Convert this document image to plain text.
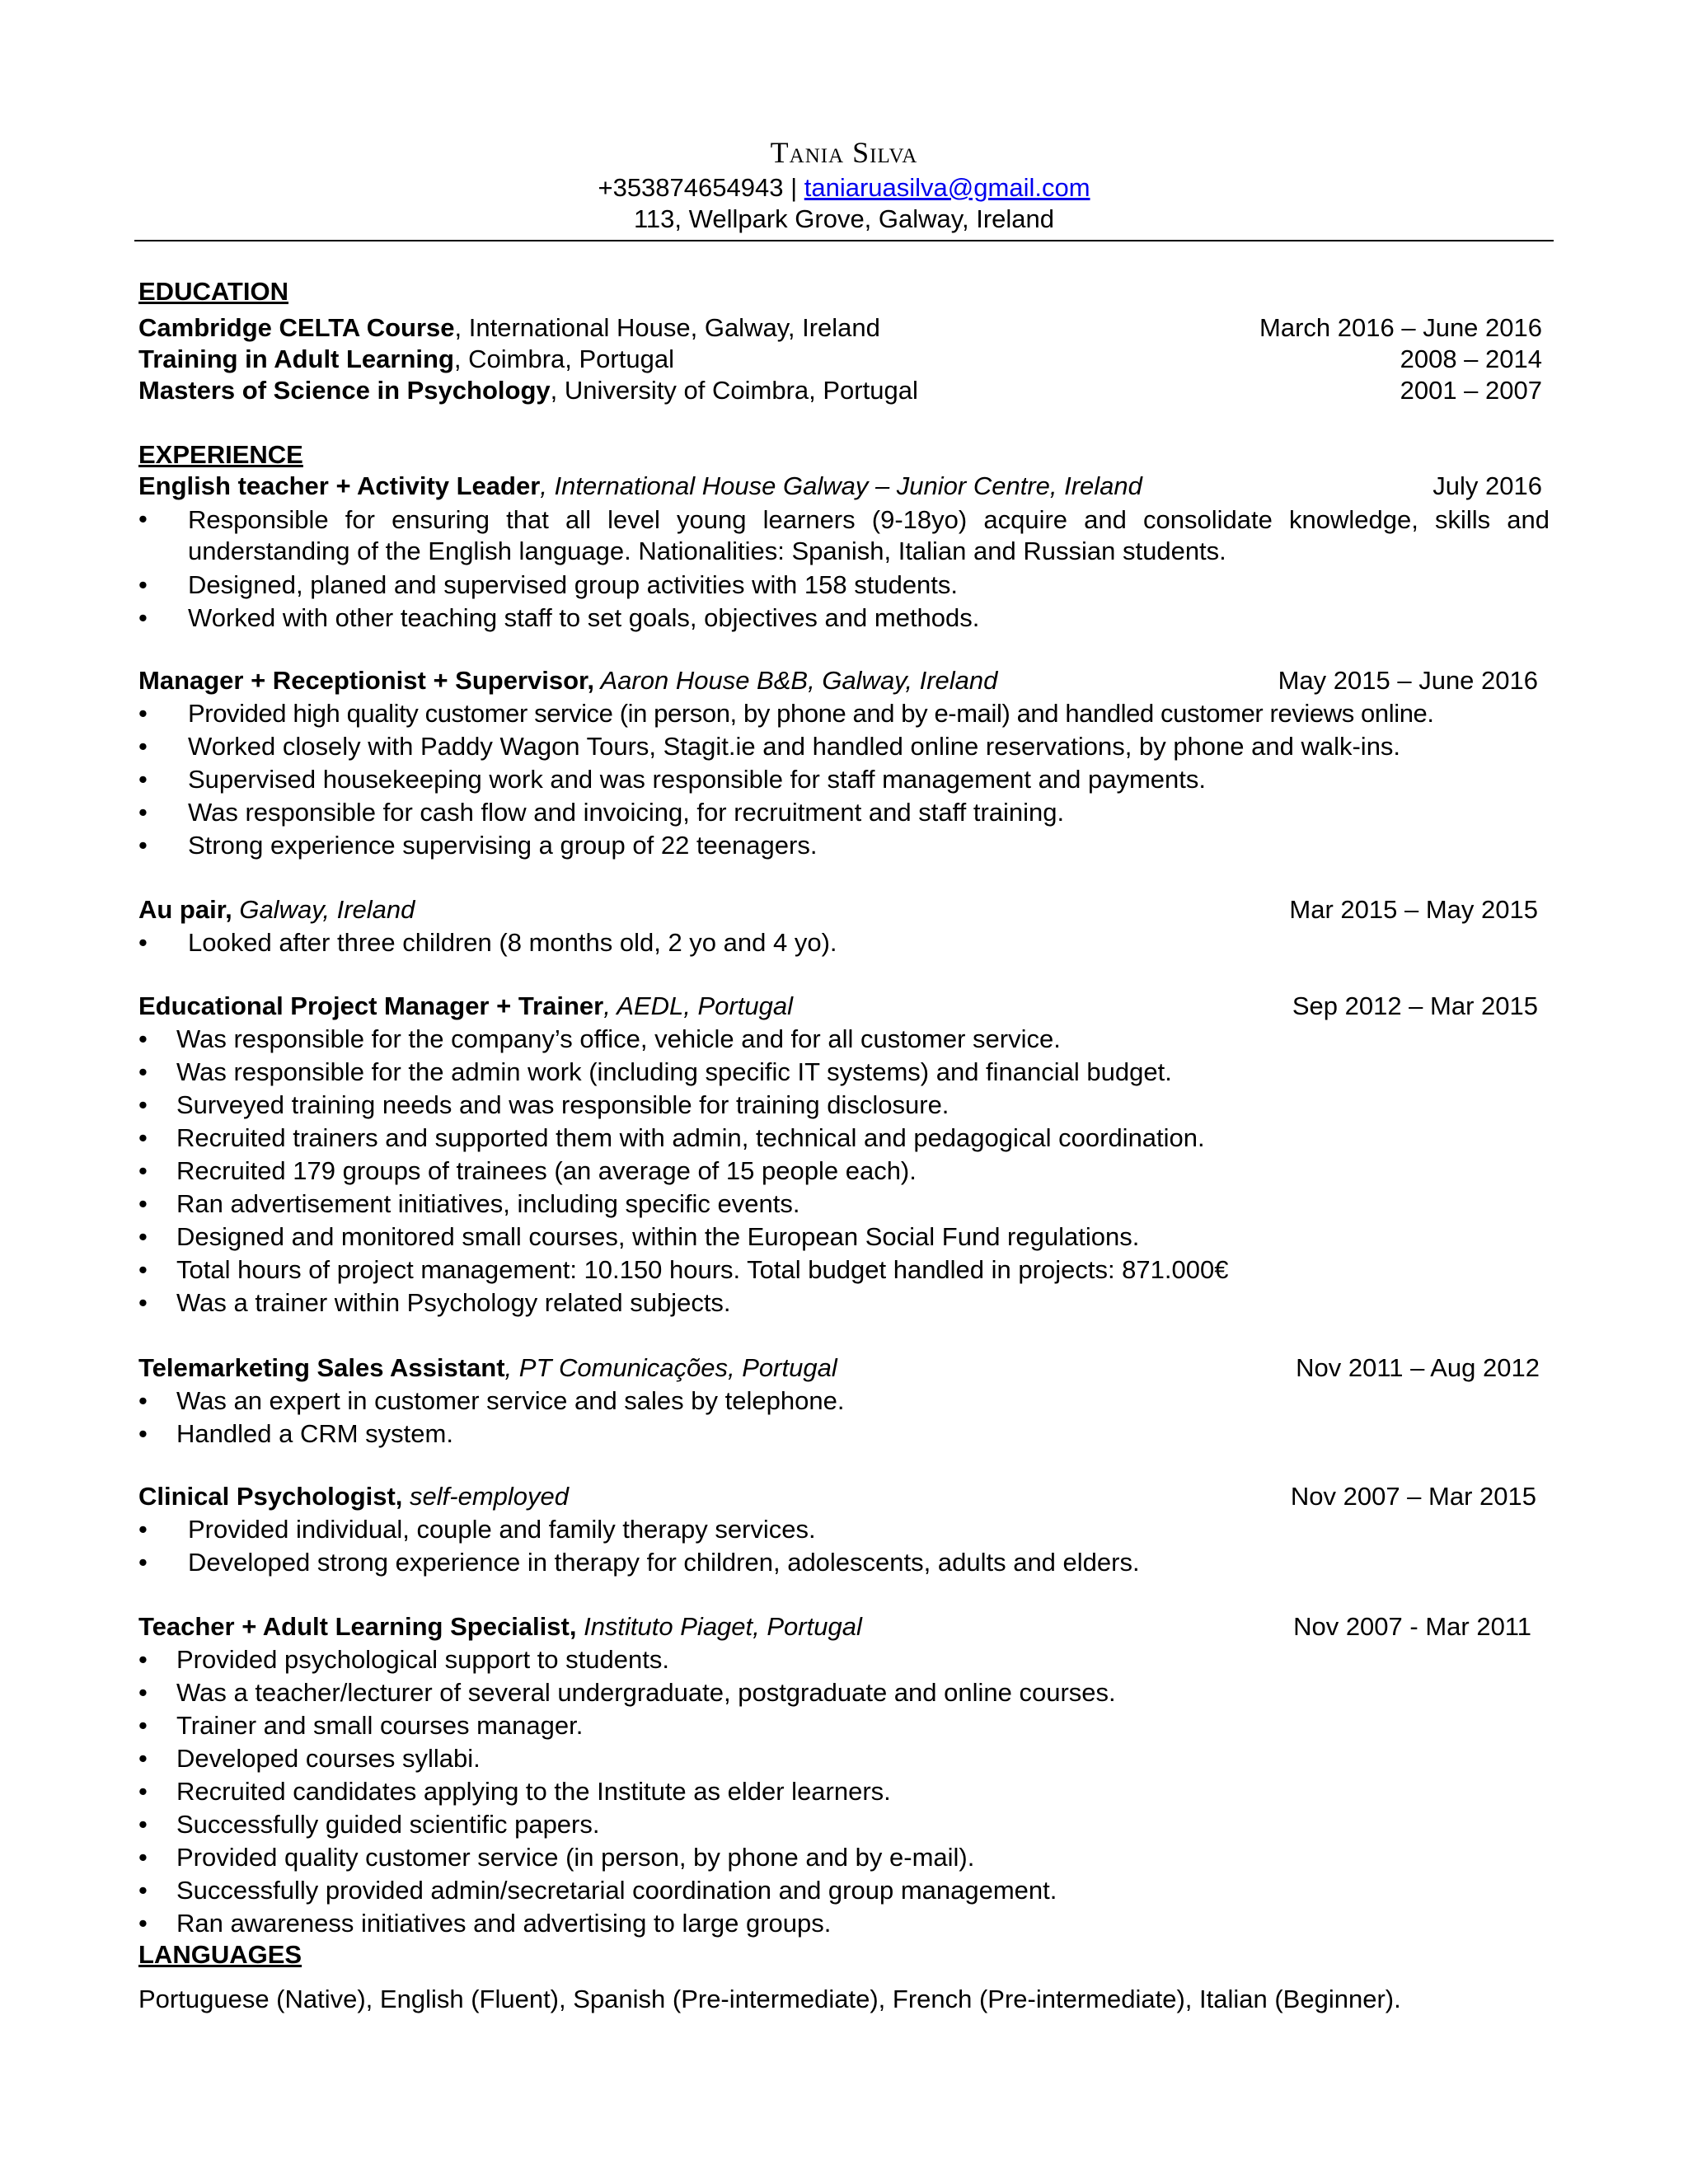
Tania Silva
+353874654943 | taniaruasilva@gmail.com
113, Wellpark Grove, Galway, Ireland
EDUCATION
Cambridge CELTA Course, International House, Galway, Ireland	March 2016 – June 2016
Training in Adult Learning, Coimbra, Portugal	2008 – 2014
Masters of Science in Psychology, University of Coimbra, Portugal	2001 – 2007
EXPERIENCE
English teacher + Activity Leader, International House Galway – Junior Centre, Ireland	July 2016
• Responsible for ensuring that all level young learners (9-18yo) acquire and consolidate knowledge, skills and understanding of the English language. Nationalities: Spanish, Italian and Russian students.
• Designed, planed and supervised group activities with 158 students.
• Worked with other teaching staff to set goals, objectives and methods.
Manager + Receptionist + Supervisor, Aaron House B&B, Galway, Ireland	May 2015 – June 2016
• Provided high quality customer service (in person, by phone and by e-mail) and handled customer reviews online.
• Worked closely with Paddy Wagon Tours, Stagit.ie and handled online reservations, by phone and walk-ins.
• Supervised housekeeping work and was responsible for staff management and payments.
• Was responsible for cash flow and invoicing, for recruitment and staff training.
• Strong experience supervising a group of 22 teenagers.
Au pair, Galway, Ireland	Mar 2015 – May 2015
• Looked after three children (8 months old, 2 yo and 4 yo).
Educational Project Manager + Trainer, AEDL, Portugal	Sep 2012 – Mar 2015
• Was responsible for the company’s office, vehicle and for all customer service.
• Was responsible for the admin work (including specific IT systems) and financial budget.
• Surveyed training needs and was responsible for training disclosure.
• Recruited trainers and supported them with admin, technical and pedagogical coordination.
• Recruited 179 groups of trainees (an average of 15 people each).
• Ran advertisement initiatives, including specific events.
• Designed and monitored small courses, within the European Social Fund regulations.
• Total hours of project management: 10.150 hours. Total budget handled in projects: 871.000€
• Was a trainer within Psychology related subjects.
Telemarketing Sales Assistant, PT Comunicações, Portugal	Nov 2011 – Aug 2012
• Was an expert in customer service and sales by telephone.
• Handled a CRM system.
Clinical Psychologist, self-employed	Nov 2007 – Mar 2015
• Provided individual, couple and family therapy services.
• Developed strong experience in therapy for children, adolescents, adults and elders.
Teacher + Adult Learning Specialist, Instituto Piaget, Portugal	Nov 2007 - Mar 2011
• Provided psychological support to students.
• Was a teacher/lecturer of several undergraduate, postgraduate and online courses.
• Trainer and small courses manager.
• Developed courses syllabi.
• Recruited candidates applying to the Institute as elder learners.
• Successfully guided scientific papers.
• Provided quality customer service (in person, by phone and by e-mail).
• Successfully provided admin/secretarial coordination and group management.
• Ran awareness initiatives and advertising to large groups.
LANGUAGES
Portuguese (Native), English (Fluent), Spanish (Pre-intermediate), French (Pre-intermediate), Italian (Beginner).
